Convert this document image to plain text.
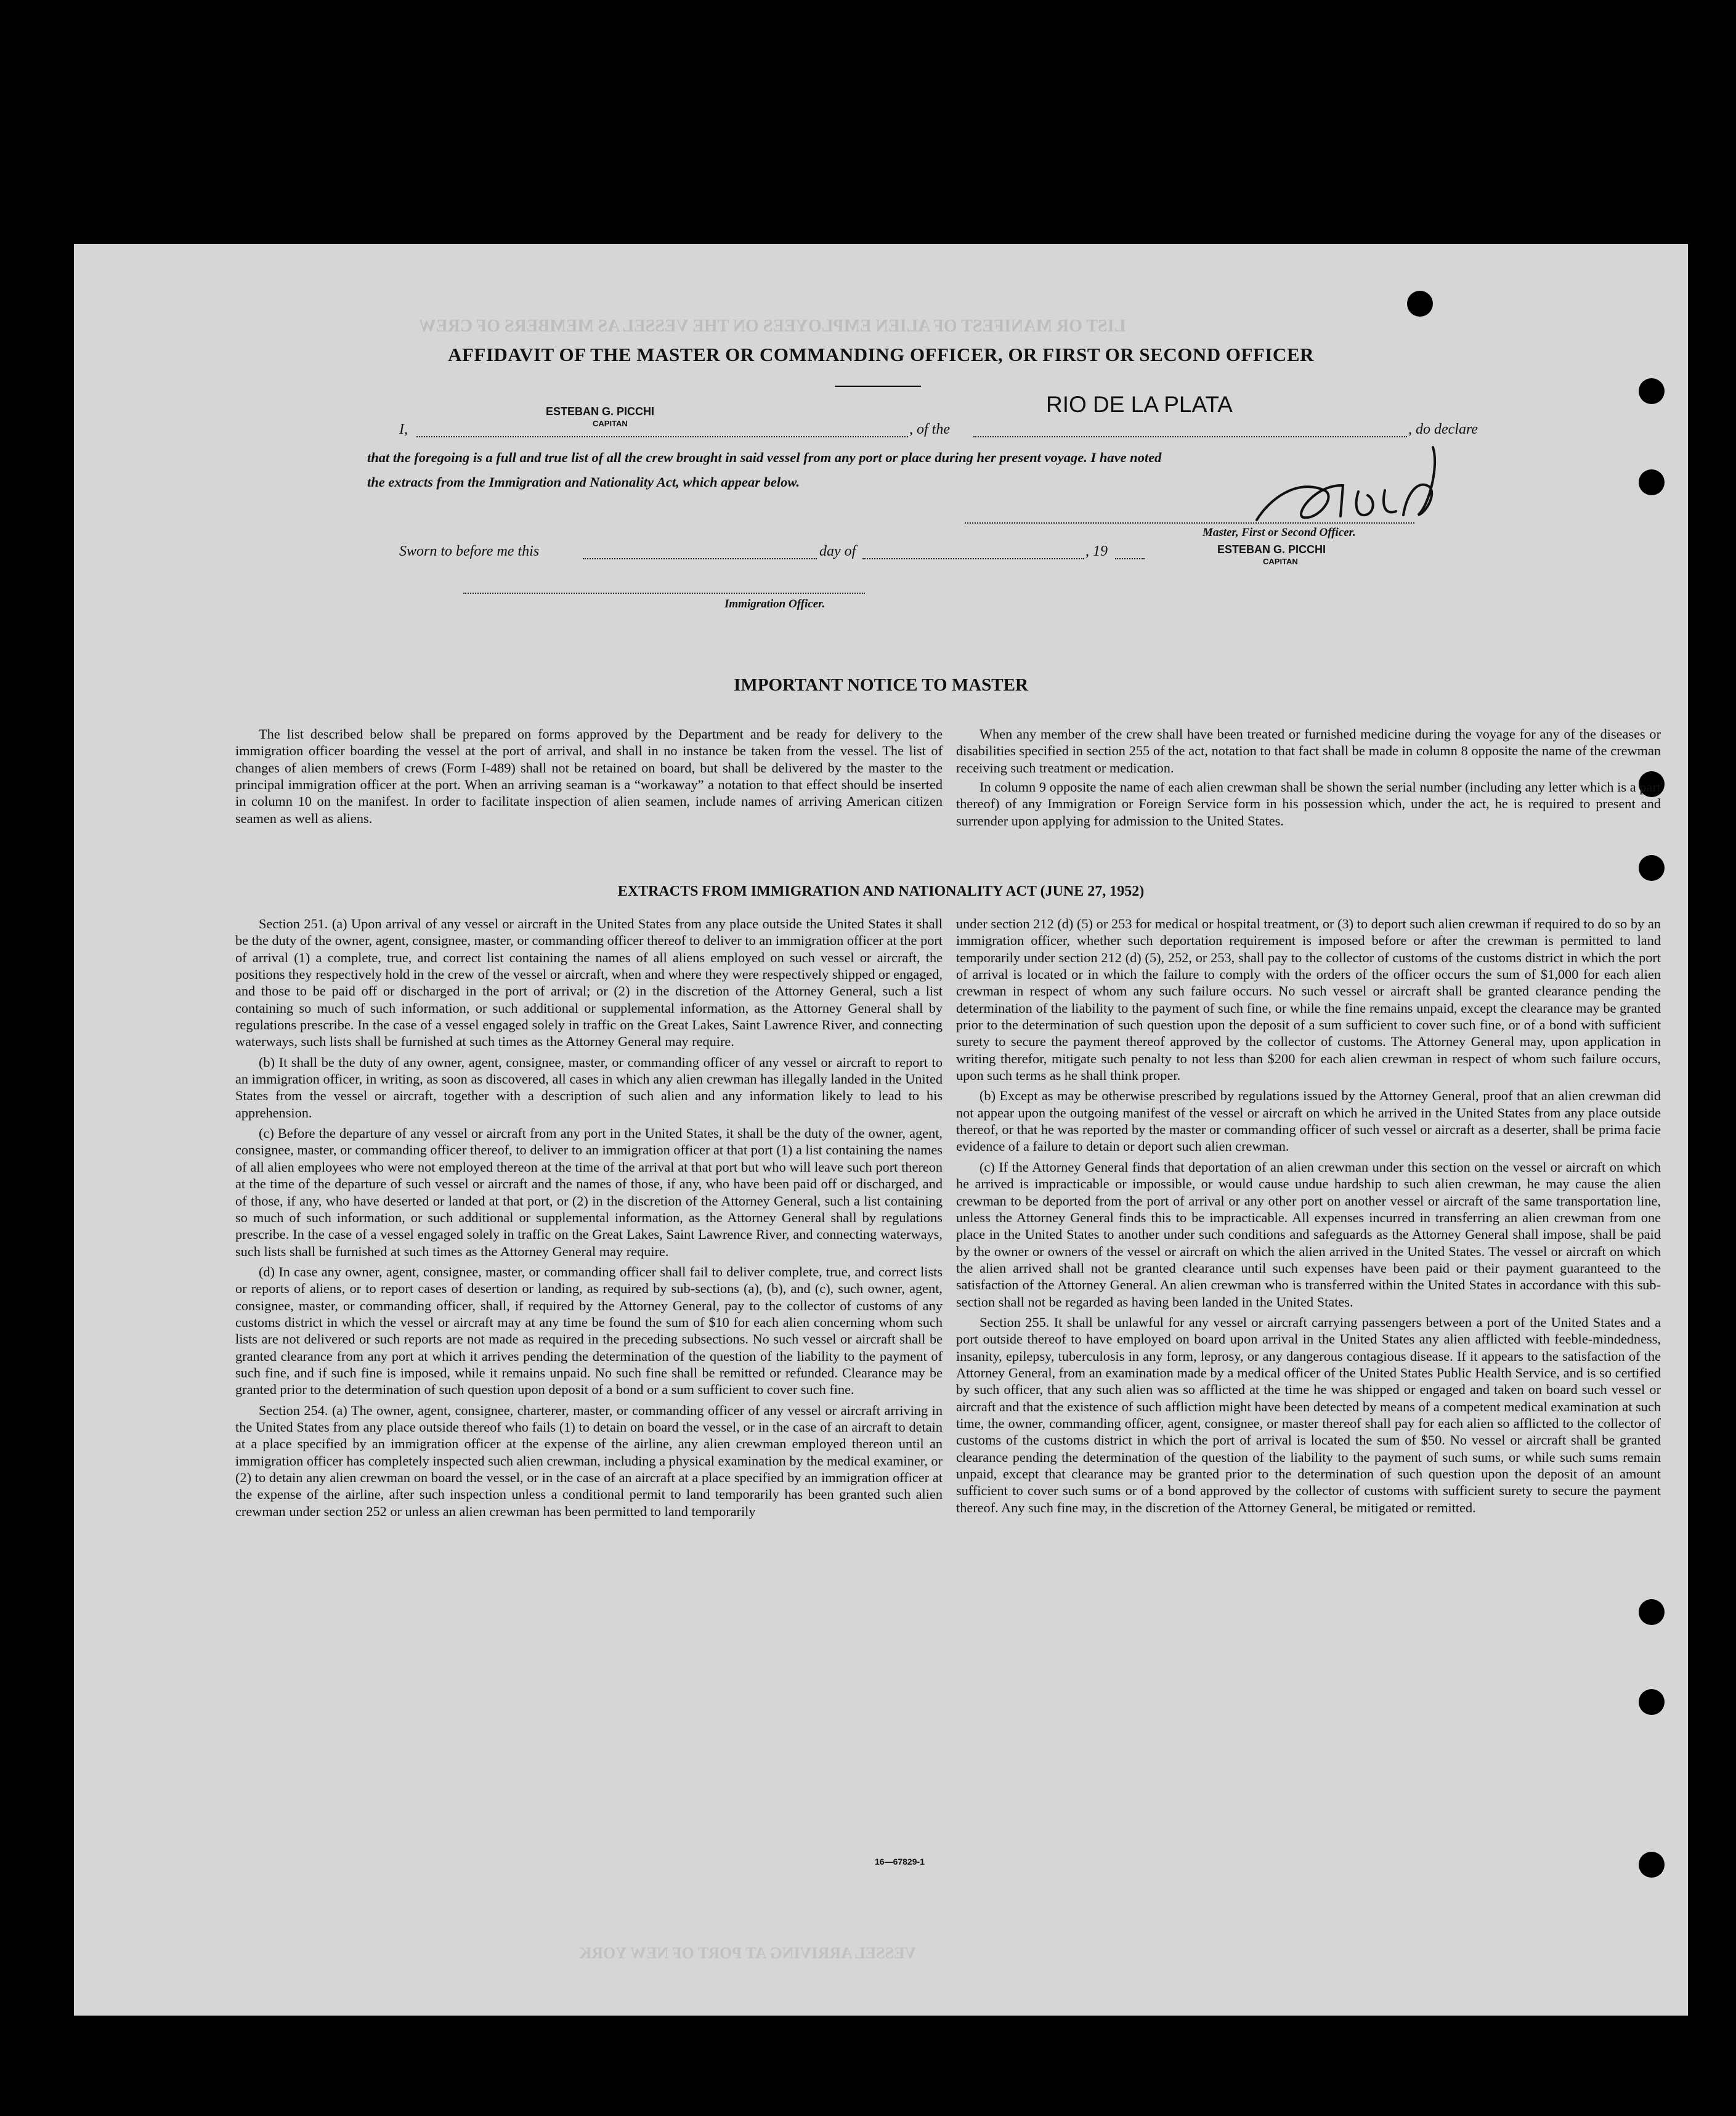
LIST OR MANIFEST OF ALIEN EMPLOYEES ON THE VESSEL AS MEMBERS OF CREW
VESSEL ARRIVING AT PORT OF NEW YORK
AFFIDAVIT OF THE MASTER OR COMMANDING OFFICER, OR FIRST OR SECOND OFFICER
I,
ESTEBAN G. PICCHI
CAPITAN	, of the
RIO DE LA PLATA
, do declare
that the foregoing is a full and true list of all the crew brought in said vessel from any port or place during her present voyage. I have noted
the extracts from the Immigration and Nationality Act, which appear below.
Picchi
Master, First or Second Officer.
ESTEBAN G. PICCHI
CAPITAN
Sworn to before me this	day of	, 19
Immigration Officer.
IMPORTANT NOTICE TO MASTER

The list described below shall be prepared on forms approved by the Department and be ready for delivery to the immigration officer boarding the vessel at the port of arrival, and shall in no instance be taken from the vessel. The list of changes of alien members of crews (Form I-489) shall not be retained on board, but shall be delivered by the master to the principal immigration officer at the port. When an arriving seaman is a “workaway” a notation to that effect should be inserted in column 10 on the manifest. In order to facilitate inspection of alien seamen, include names of arriving American citizen seamen as well as aliens.

When any member of the crew shall have been treated or furnished medicine during the voyage for any of the diseases or disabilities specified in section 255 of the act, notation to that fact shall be made in column 8 opposite the name of the crewman receiving such treatment or medication.

In column 9 opposite the name of each alien crewman shall be shown the serial number (including any letter which is a part thereof) of any Immigration or Foreign Service form in his possession which, under the act, he is required to present and surrender upon applying for admission to the United States.

EXTRACTS FROM IMMIGRATION AND NATIONALITY ACT (JUNE 27, 1952)

Section 251. (a) Upon arrival of any vessel or aircraft in the United States from any place outside the United States it shall be the duty of the owner, agent, consignee, master, or commanding officer thereof to deliver to an immigration officer at the port of arrival (1) a complete, true, and correct list containing the names of all aliens employed on such vessel or aircraft, the positions they respectively hold in the crew of the vessel or aircraft, when and where they were respectively shipped or engaged, and those to be paid off or discharged in the port of arrival; or (2) in the discretion of the Attorney General, such a list containing so much of such information, or such additional or supplemental information, as the Attorney General shall by regulations prescribe. In the case of a vessel engaged solely in traffic on the Great Lakes, Saint Lawrence River, and connecting waterways, such lists shall be furnished at such times as the Attorney General may require.

(b) It shall be the duty of any owner, agent, consignee, master, or commanding officer of any vessel or aircraft to report to an immigration officer, in writing, as soon as discovered, all cases in which any alien crewman has illegally landed in the United States from the vessel or aircraft, together with a description of such alien and any information likely to lead to his apprehension.

(c) Before the departure of any vessel or aircraft from any port in the United States, it shall be the duty of the owner, agent, consignee, master, or commanding officer thereof, to deliver to an immigration officer at that port (1) a list containing the names of all alien employees who were not employed thereon at the time of the arrival at that port but who will leave such port thereon at the time of the departure of such vessel or aircraft and the names of those, if any, who have been paid off or discharged, and of those, if any, who have deserted or landed at that port, or (2) in the discretion of the Attorney General, such a list containing so much of such information, or such additional or supplemental information, as the Attorney General shall by regulations prescribe. In the case of a vessel engaged solely in traffic on the Great Lakes, Saint Lawrence River, and connecting waterways, such lists shall be furnished at such times as the Attorney General may require.

(d) In case any owner, agent, consignee, master, or commanding officer shall fail to deliver complete, true, and correct lists or reports of aliens, or to report cases of desertion or landing, as required by sub-sections (a), (b), and (c), such owner, agent, consignee, master, or commanding officer, shall, if required by the Attorney General, pay to the collector of customs of any customs district in which the vessel or aircraft may at any time be found the sum of $10 for each alien concerning whom such lists are not delivered or such reports are not made as required in the preceding subsections. No such vessel or aircraft shall be granted clearance from any port at which it arrives pending the determination of the question of the liability to the payment of such fine, and if such fine is imposed, while it remains unpaid. No such fine shall be remitted or refunded. Clearance may be granted prior to the determination of such question upon deposit of a bond or a sum sufficient to cover such fine.

Section 254. (a) The owner, agent, consignee, charterer, master, or commanding officer of any vessel or aircraft arriving in the United States from any place outside thereof who fails (1) to detain on board the vessel, or in the case of an aircraft to detain at a place specified by an immigration officer at the expense of the airline, any alien crewman employed thereon until an immigration officer has completely inspected such alien crewman, including a physical examination by the medical examiner, or (2) to detain any alien crewman on board the vessel, or in the case of an aircraft at a place specified by an immigration officer at the expense of the airline, after such inspection unless a conditional permit to land temporarily has been granted such alien crewman under section 252 or unless an alien crewman has been permitted to land temporarily

under section 212 (d) (5) or 253 for medical or hospital treatment, or (3) to deport such alien crewman if required to do so by an immigration officer, whether such deportation requirement is imposed before or after the crewman is permitted to land temporarily under section 212 (d) (5), 252, or 253, shall pay to the collector of customs of the customs district in which the port of arrival is located or in which the failure to comply with the orders of the officer occurs the sum of $1,000 for each alien crewman in respect of whom any such failure occurs. No such vessel or aircraft shall be granted clearance pending the determination of the liability to the payment of such fine, or while the fine remains unpaid, except the clearance may be granted prior to the determination of such question upon the deposit of a sum sufficient to cover such fine, or of a bond with sufficient surety to secure the payment thereof approved by the collector of customs. The Attorney General may, upon application in writing therefor, mitigate such penalty to not less than $200 for each alien crewman in respect of whom such failure occurs, upon such terms as he shall think proper.

(b) Except as may be otherwise prescribed by regulations issued by the Attorney General, proof that an alien crewman did not appear upon the outgoing manifest of the vessel or aircraft on which he arrived in the United States from any place outside thereof, or that he was reported by the master or commanding officer of such vessel or aircraft as a deserter, shall be prima facie evidence of a failure to detain or deport such alien crewman.

(c) If the Attorney General finds that deportation of an alien crewman under this section on the vessel or aircraft on which he arrived is impracticable or impossible, or would cause undue hardship to such alien crewman, he may cause the alien crewman to be deported from the port of arrival or any other port on another vessel or aircraft of the same transportation line, unless the Attorney General finds this to be impracticable. All expenses incurred in transferring an alien crewman from one place in the United States to another under such conditions and safeguards as the Attorney General shall impose, shall be paid by the owner or owners of the vessel or aircraft on which the alien arrived in the United States. The vessel or aircraft on which the alien arrived shall not be granted clearance until such expenses have been paid or their payment guaranteed to the satisfaction of the Attorney General. An alien crewman who is transferred within the United States in accordance with this sub-section shall not be regarded as having been landed in the United States.

Section 255. It shall be unlawful for any vessel or aircraft carrying passengers between a port of the United States and a port outside thereof to have employed on board upon arrival in the United States any alien afflicted with feeble-mindedness, insanity, epilepsy, tuberculosis in any form, leprosy, or any dangerous contagious disease. If it appears to the satisfaction of the Attorney General, from an examination made by a medical officer of the United States Public Health Service, and is so certified by such officer, that any such alien was so afflicted at the time he was shipped or engaged and taken on board such vessel or aircraft and that the existence of such affliction might have been detected by means of a competent medical examination at such time, the owner, commanding officer, agent, consignee, or master thereof shall pay for each alien so afflicted to the collector of customs of the customs district in which the port of arrival is located the sum of $50. No vessel or aircraft shall be granted clearance pending the determination of the question of the liability to the payment of such sums, or while such sums remain unpaid, except that clearance may be granted prior to the determination of such question upon the deposit of an amount sufficient to cover such sums or of a bond approved by the collector of customs with sufficient surety to secure the payment thereof. Any such fine may, in the discretion of the Attorney General, be mitigated or remitted.

16—67829-1
